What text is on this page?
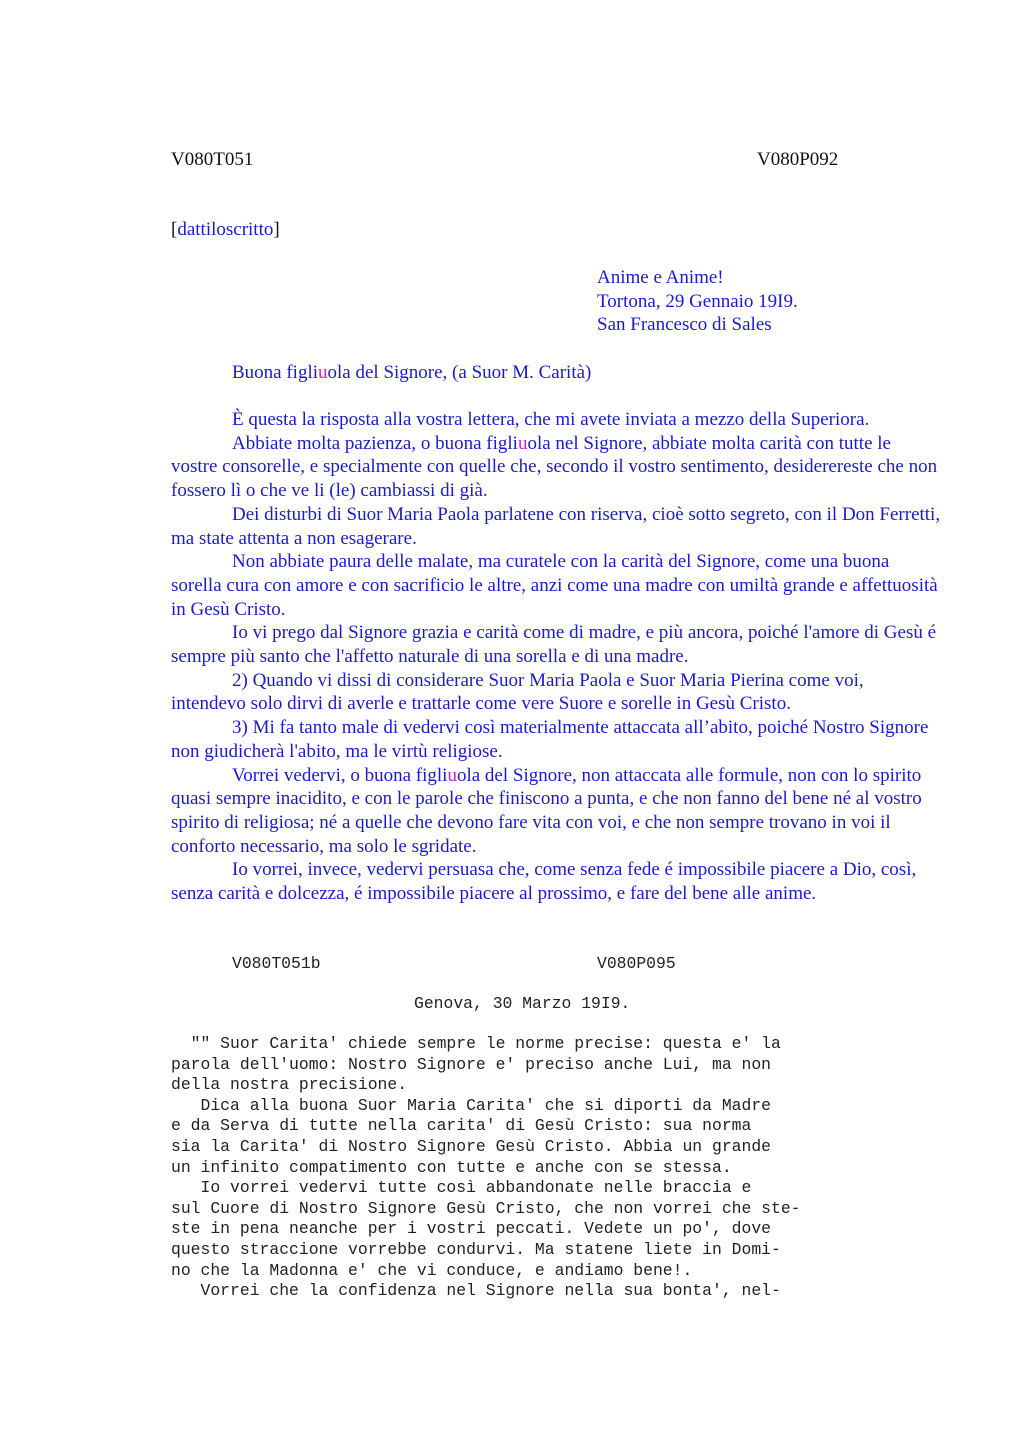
V080T051	V080P092
[dattiloscritto]
Anime e Anime!
Tortona, 29 Gennaio 19I9.
San Francesco di Sales
Buona figliuola del Signore, (a Suor M. Carità)

È questa la risposta alla vostra lettera, che mi avete inviata a mezzo della Superiora.

Abbiate molta pazienza, o buona figliuola nel Signore, abbiate molta carità con tutte le vostre consorelle, e specialmente con quelle che, secondo il vostro sentimento, desiderereste che non fossero lì o che ve li (le) cambiassi di già.

Dei disturbi di Suor Maria Paola parlatene con riserva, cioè sotto segreto, con il Don Ferretti, ma state attenta a non esagerare.

Non abbiate paura delle malate, ma curatele con la carità del Signore, come una buona sorella cura con amore e con sacrificio le altre, anzi come una madre con umiltà grande e affettuosità in Gesù Cristo.

Io vi prego dal Signore grazia e carità come di madre, e più ancora, poiché l'amore di Gesù é sempre più santo che l'affetto naturale di una sorella e di una madre.

2) Quando vi dissi di considerare Suor Maria Paola e Suor Maria Pierina come voi, intendevo solo dirvi di averle e trattarle come vere Suore e sorelle in Gesù Cristo.

3) Mi fa tanto male di vedervi così materialmente attaccata all’abito, poiché Nostro Signore non giudicherà l'abito, ma le virtù religiose.

Vorrei vedervi, o buona figliuola del Signore, non attaccata alle formule, non con lo spirito quasi sempre inacidito, e con le parole che finiscono a punta, e che non fanno del bene né al vostro spirito di religiosa; né a quelle che devono fare vita con voi, e che non sempre trovano in voi il conforto necessario, ma solo le sgridate.

Io vorrei, invece, vedervi persuasa che, come senza fede é impossibile piacere a Dio, così, senza carità e dolcezza, é impossibile piacere al prossimo, e fare del bene alle anime.

V080T051b	V080P095
Genova, 30 Marzo 19I9.
"" Suor Carita' chiede sempre le norme precise: questa e' la
parola dell'uomo: Nostro Signore e' preciso anche Lui, ma non
della nostra precisione.
Dica alla buona Suor Maria Carita' che si diporti da Madre
e da Serva di tutte nella carita' di Gesù Cristo: sua norma
sia la Carita' di Nostro Signore Gesù Cristo. Abbia un grande
un infinito compatimento con tutte e anche con se stessa.
Io vorrei vedervi tutte così abbandonate nelle braccia e
sul Cuore di Nostro Signore Gesù Cristo, che non vorrei che ste-
ste in pena neanche per i vostri peccati. Vedete un po', dove
questo straccione vorrebbe condurvi. Ma statene liete in Domi-
no che la Madonna e' che vi conduce, e andiamo bene!.
Vorrei che la confidenza nel Signore nella sua bonta', nel-
